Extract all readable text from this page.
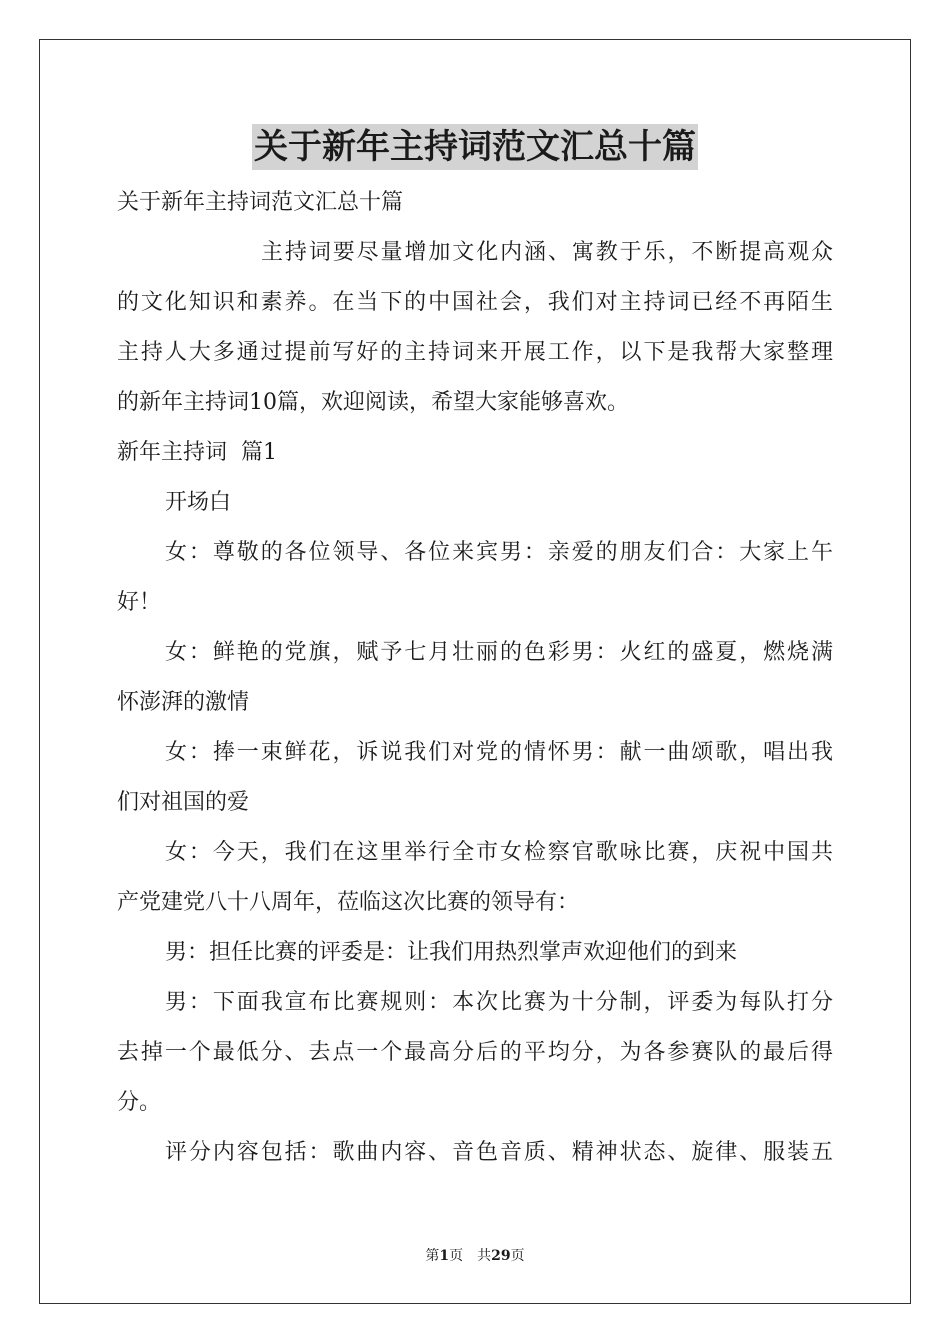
关于新年主持词范文汇总十篇
关于新年主持词范文汇总十篇
主持词要尽量增加文化内涵、寓教于乐，不断提高观众
的文化知识和素养。在当下的中国社会，我们对主持词已经不再陌生
主持人大多通过提前写好的主持词来开展工作，以下是我帮大家整理
的新年主持词10篇，欢迎阅读，希望大家能够喜欢。
新年主持词  篇1
开场白
女：尊敬的各位领导、各位来宾男：亲爱的朋友们合：大家上午
好！
女：鲜艳的党旗，赋予七月壮丽的色彩男：火红的盛夏，燃烧满
怀澎湃的激情
女：捧一束鲜花，诉说我们对党的情怀男：献一曲颂歌，唱出我
们对祖国的爱
女：今天，我们在这里举行全市女检察官歌咏比赛，庆祝中国共
产党建党八十八周年，莅临这次比赛的领导有：
男：担任比赛的评委是：让我们用热烈掌声欢迎他们的到来
男：下面我宣布比赛规则：本次比赛为十分制，评委为每队打分
去掉一个最低分、去点一个最高分后的平均分，为各参赛队的最后得
分。
评分内容包括：歌曲内容、音色音质、精神状态、旋律、服装五
第1页　共29页
